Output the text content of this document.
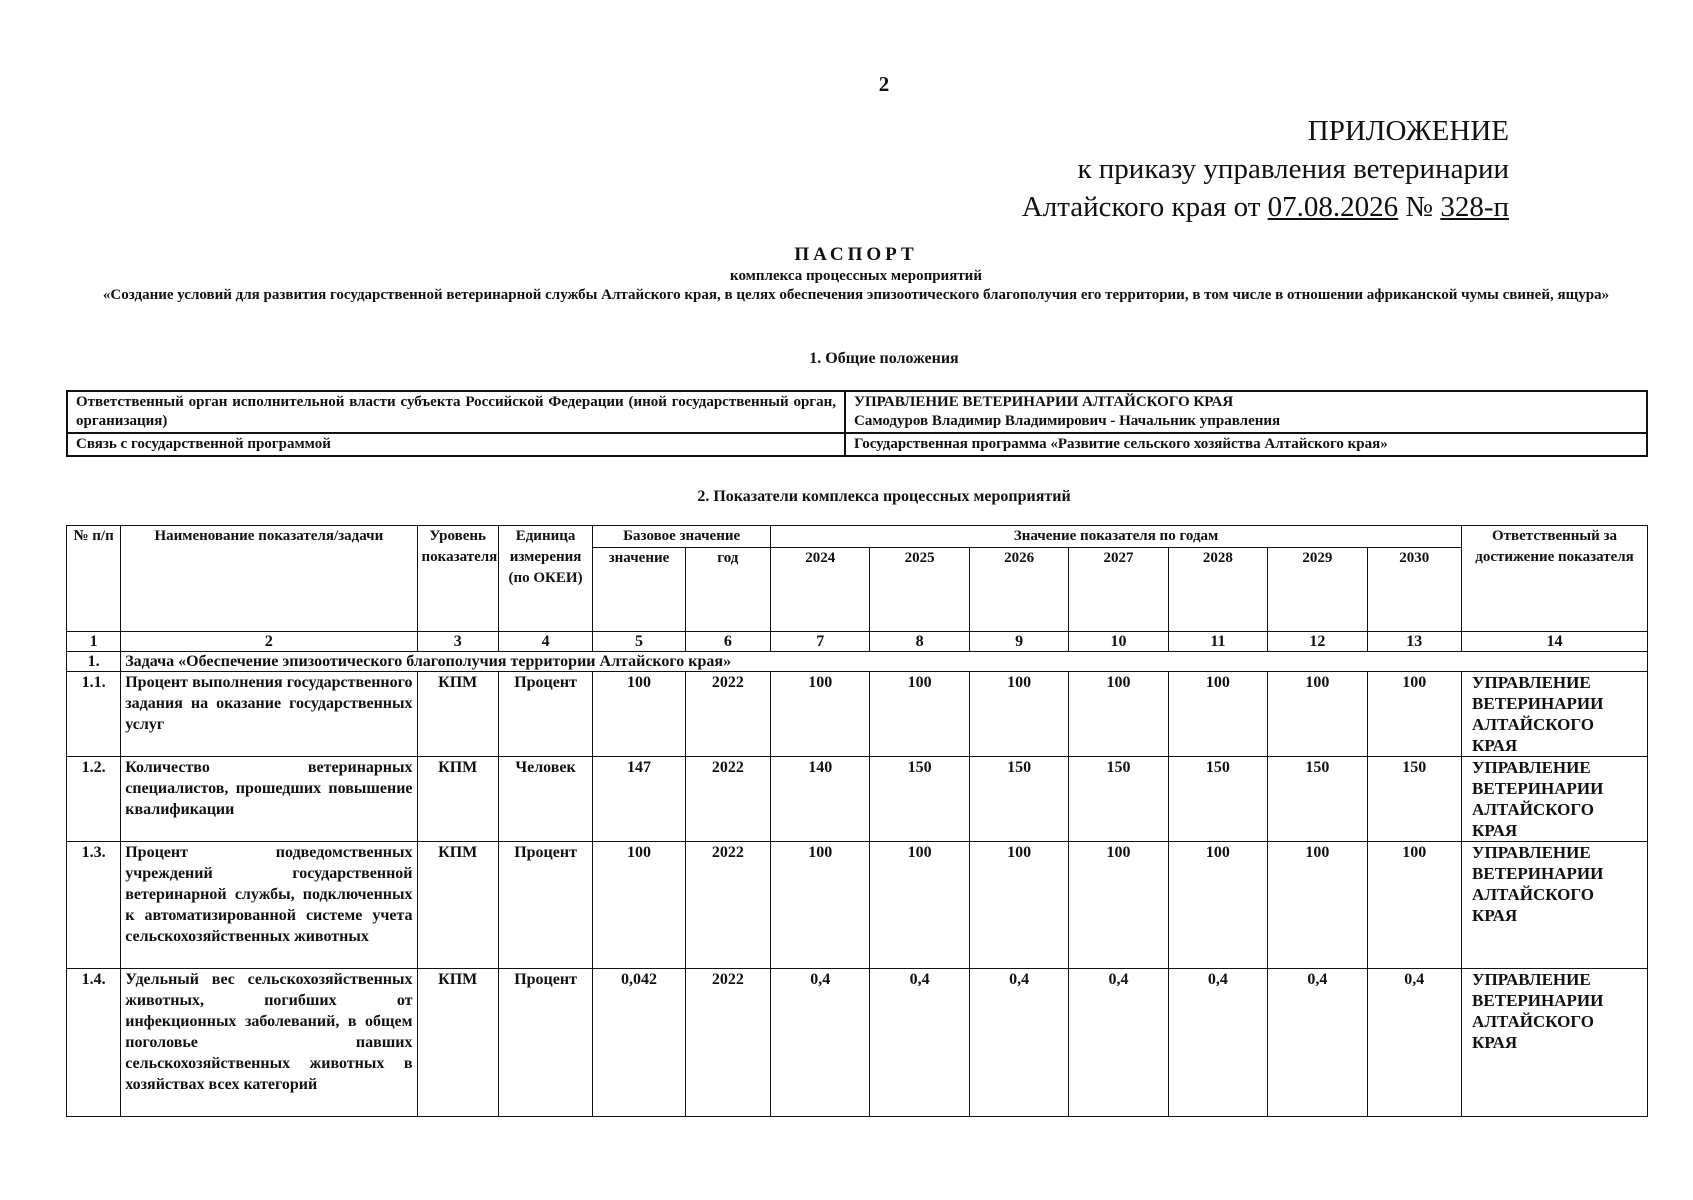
2
ПРИЛОЖЕНИЕ
к приказу управления ветеринарии
Алтайского края от 07.08.2026 № 328-п
ПАСПОРТ
комплекса процессных мероприятий
«Создание условий для развития государственной ветеринарной службы Алтайского края, в целях обеспечения эпизоотического благополучия его территории, в том числе в отношении африканской чумы свиней, ящура»
1. Общие положения
Ответственный орган исполнительной власти субъекта Российской Федерации (иной государственный орган, организация)	УПРАВЛЕНИЕ ВЕТЕРИНАРИИ АЛТАЙСКОГО КРАЯ
Самодуров Владимир Владимирович - Начальник управления

Связь с государственной программой	Государственная программа «Развитие сельского хозяйства Алтайского края»
2. Показатели комплекса процессных мероприятий
№ п/п	Наименование показателя/задачи	Уровень показателя	Единица измерения (по ОКЕИ)	Базовое значение		Значение показателя по годам							Ответственный за достижение показателя
				значение	год	2024	2025	2026	2027	2028	2029	2030	
1	2	3	4	5	6	7	8	9	10	11	12	13	14
1.	Задача «Обеспечение эпизоотического благополучия территории Алтайского края»												
1.1.	Процент выполнения государственного задания на оказание государственных услуг	КПМ	Процент	100	2022	100	100	100	100	100	100	100	УПРАВЛЕНИЕ ВЕТЕРИНАРИИ АЛТАЙСКОГО КРАЯ
1.2.	Количество ветеринарных специалистов, прошедших повышение квалификации	КПМ	Человек	147	2022	140	150	150	150	150	150	150	УПРАВЛЕНИЕ ВЕТЕРИНАРИИ АЛТАЙСКОГО КРАЯ
1.3.	Процент подведомственных учреждений государственной ветеринарной службы, подключенных к автоматизированной системе учета сельскохозяйственных животных	КПМ	Процент	100	2022	100	100	100	100	100	100	100	УПРАВЛЕНИЕ ВЕТЕРИНАРИИ АЛТАЙСКОГО КРАЯ
1.4.	Удельный вес сельскохозяйственных животных, погибших от инфекционных заболеваний, в общем поголовье павших сельскохозяйственных животных в хозяйствах всех категорий	КПМ	Процент	0,042	2022	0,4	0,4	0,4	0,4	0,4	0,4	0,4	УПРАВЛЕНИЕ ВЕТЕРИНАРИИ АЛТАЙСКОГО КРАЯ
